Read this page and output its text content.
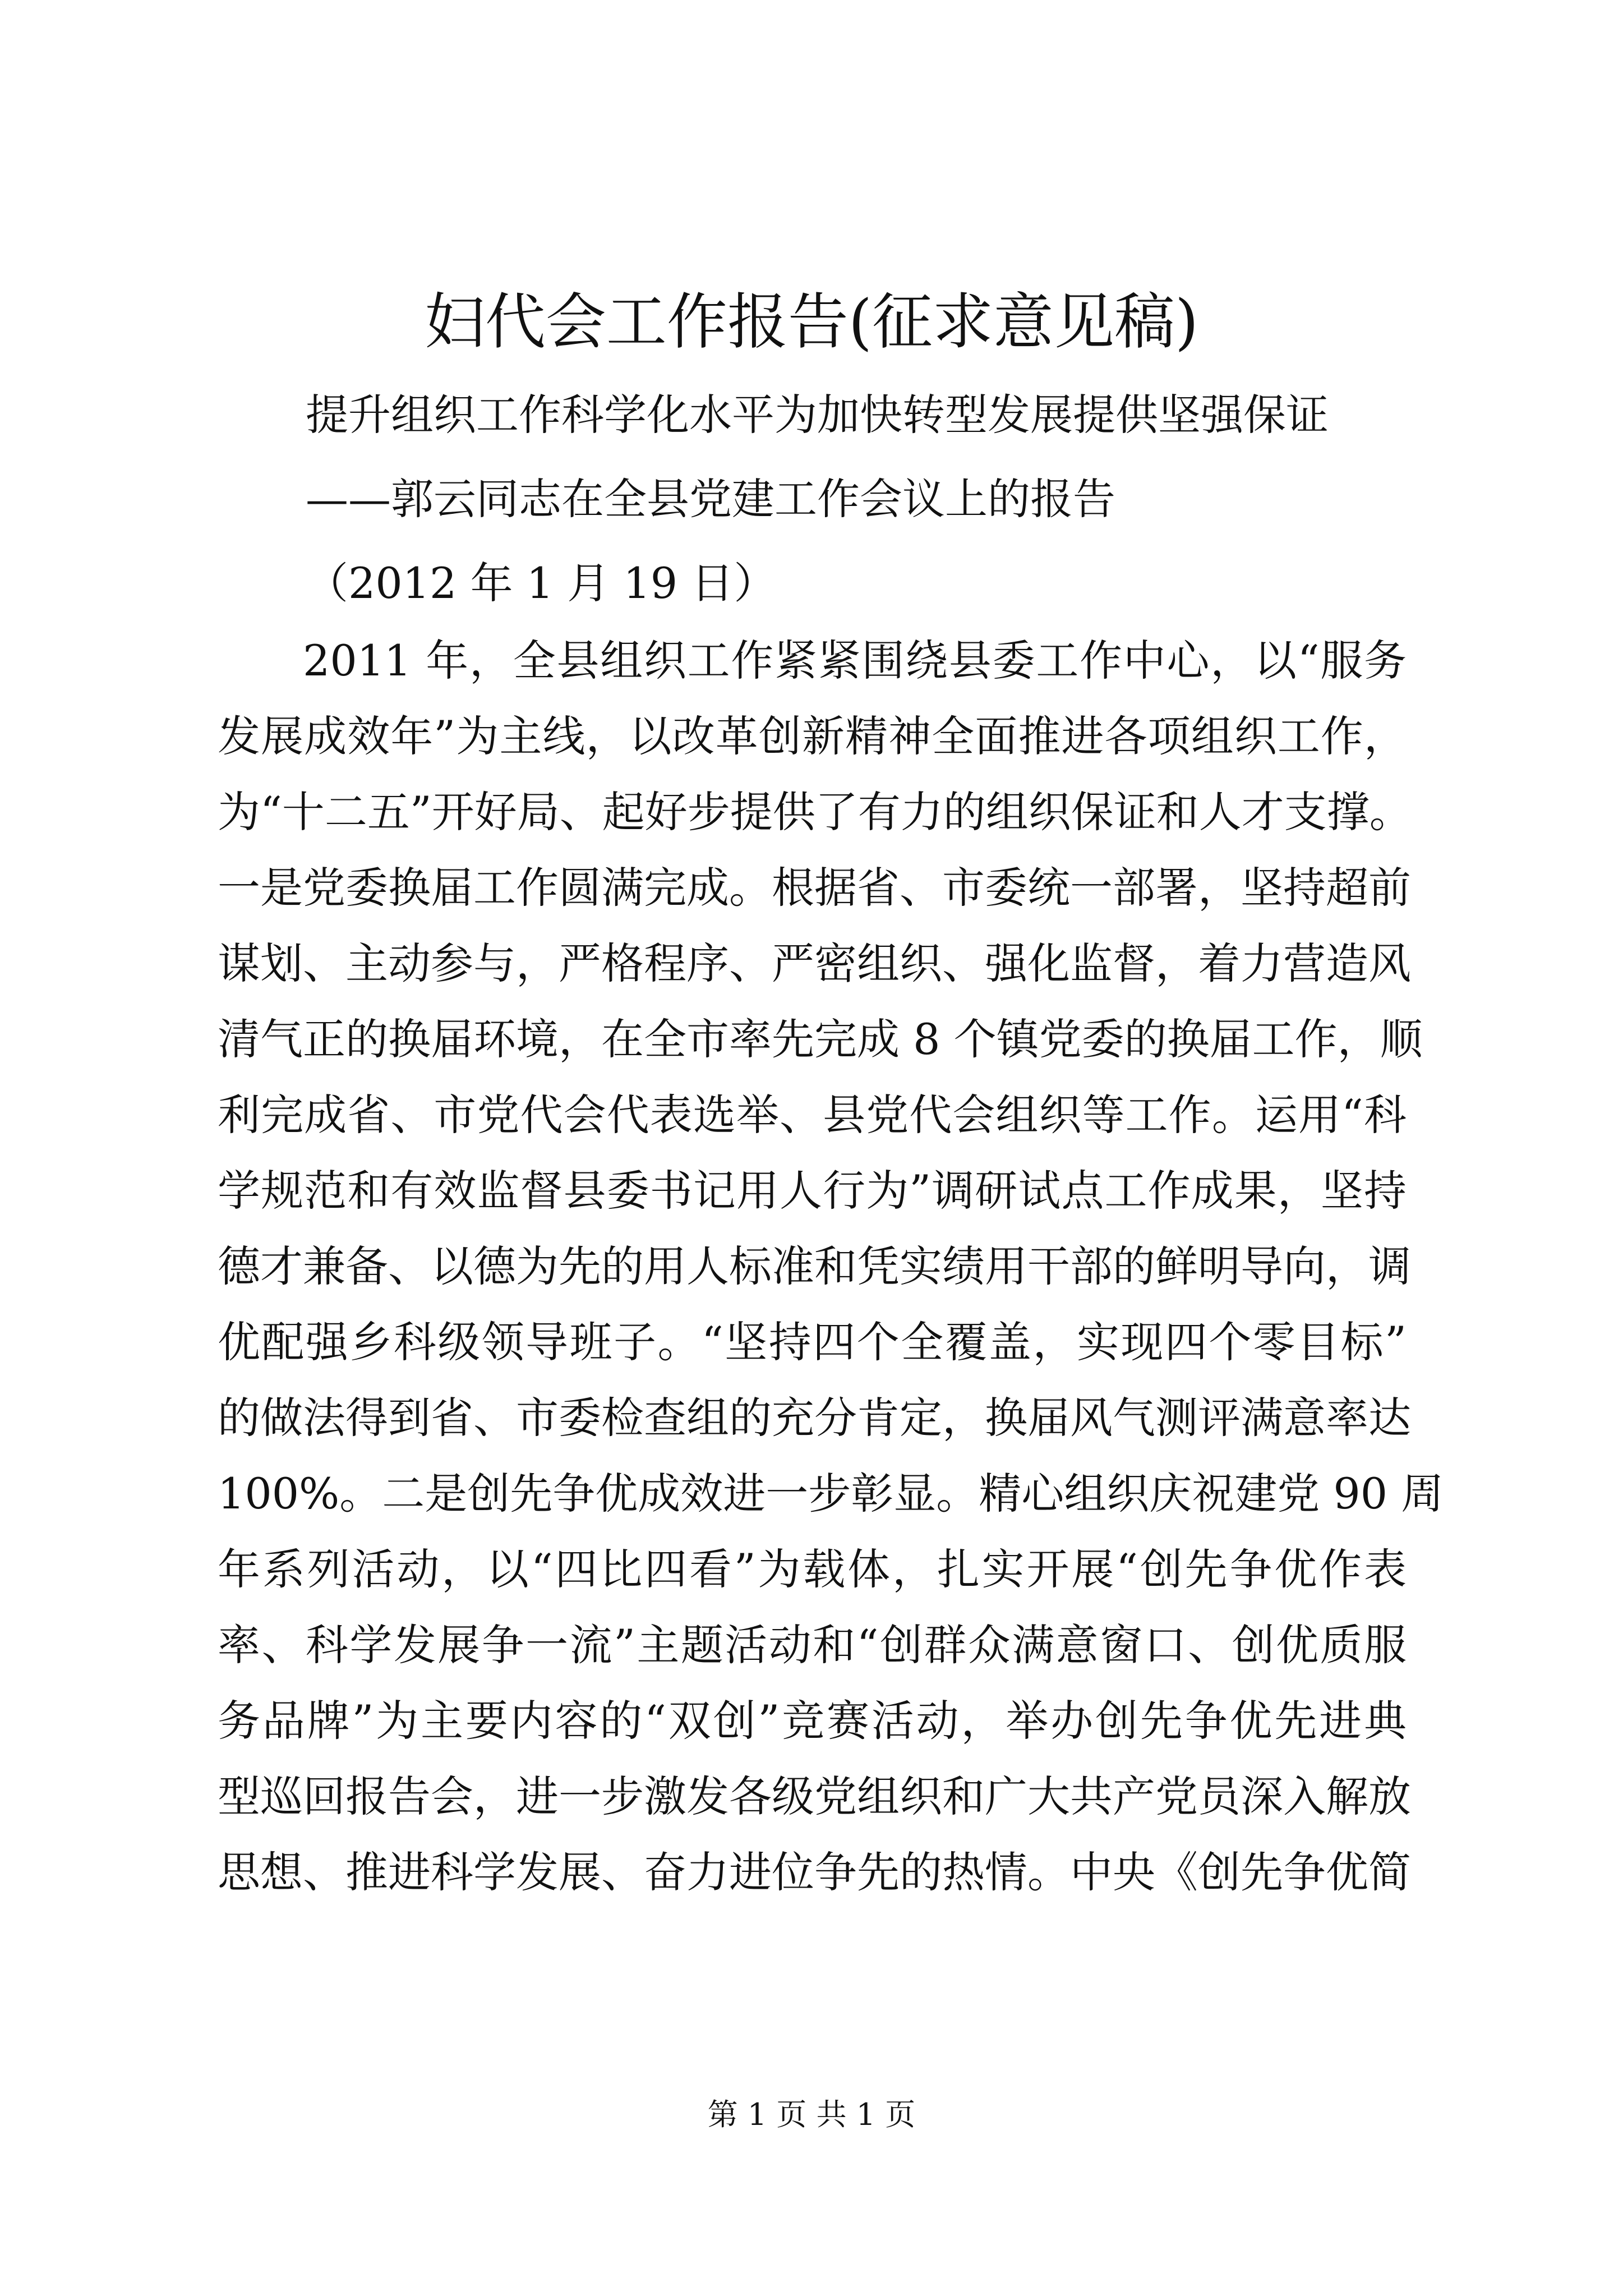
妇代会工作报告(征求意见稿)

提升组织工作科学化水平为加快转型发展提供坚强保证

——郭云同志在全县党建工作会议上的报告

（2012 年 1 月 19 日）

2011 年，全县组织工作紧紧围绕县委工作中心，以“服务
发展成效年”为主线，以改革创新精神全面推进各项组织工作，
为“十二五”开好局、起好步提供了有力的组织保证和人才支撑。
一是党委换届工作圆满完成。根据省、市委统一部署，坚持超前
谋划、主动参与，严格程序、严密组织、强化监督，着力营造风
清气正的换届环境，在全市率先完成 8 个镇党委的换届工作，顺
利完成省、市党代会代表选举、县党代会组织等工作。运用“科
学规范和有效监督县委书记用人行为”调研试点工作成果，坚持
德才兼备、以德为先的用人标准和凭实绩用干部的鲜明导向，调
优配强乡科级领导班子。“坚持四个全覆盖，实现四个零目标”
的做法得到省、市委检查组的充分肯定，换届风气测评满意率达
100%。二是创先争优成效进一步彰显。精心组织庆祝建党 90 周
年系列活动，以“四比四看”为载体，扎实开展“创先争优作表
率、科学发展争一流”主题活动和“创群众满意窗口、创优质服
务品牌”为主要内容的“双创”竞赛活动，举办创先争优先进典
型巡回报告会，进一步激发各级党组织和广大共产党员深入解放
思想、推进科学发展、奋力进位争先的热情。中央《创先争优简
第 1 页 共 1 页
